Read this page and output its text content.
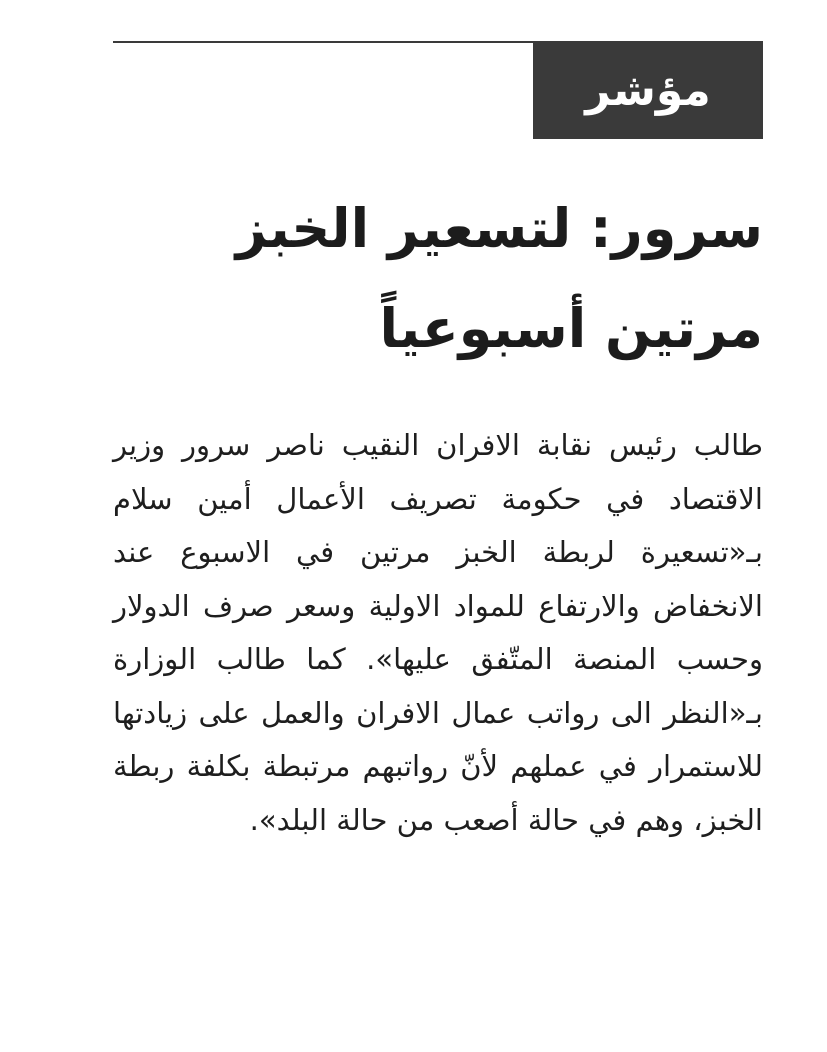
مؤشر
سرور: لتسعير الخبز
مرتين أسبوعياً

طالب رئيس نقابة الافران النقيب ناصر سرور وزير الاقتصاد في حكومة تصريف الأعمال أمين سلام بـ«تسعيرة لربطة الخبز مرتين في الاسبوع عند الانخفاض والارتفاع للمواد الاولية وسعر صرف الدولار وحسب المنصة المتّفق عليها». كما طالب الوزارة بـ«النظر الى رواتب عمال الافران والعمل على زيادتها للاستمرار في عملهم لأنّ رواتبهم مرتبطة بكلفة ربطة الخبز، وهم في حالة أصعب من حالة البلد».
